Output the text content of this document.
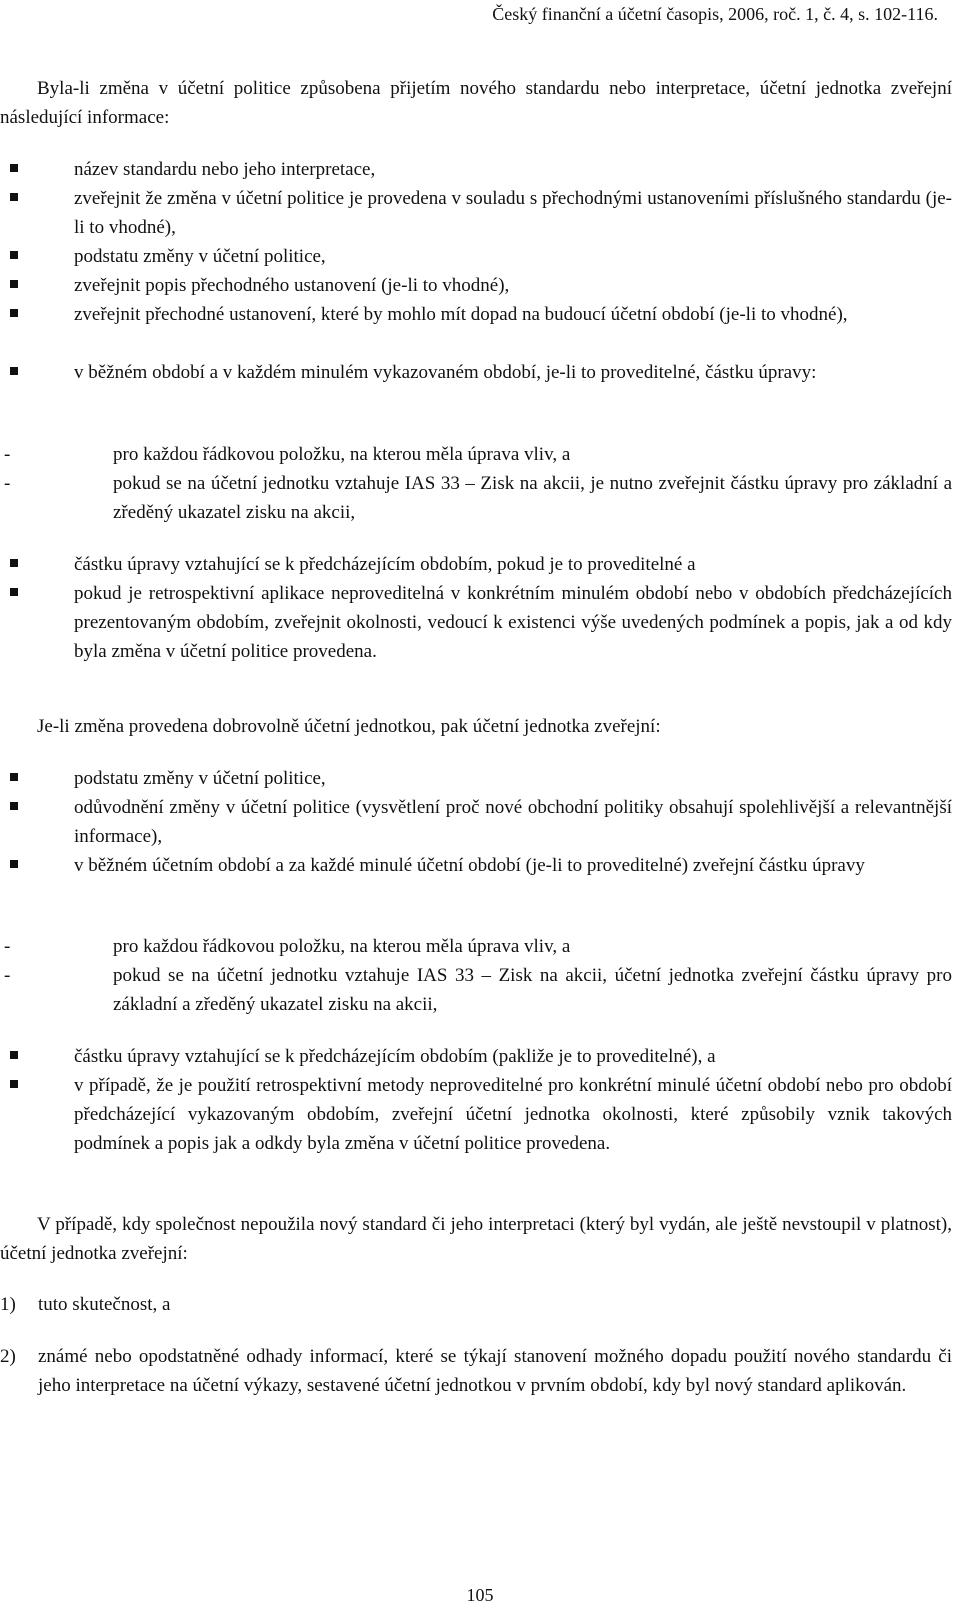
Český finanční a účetní časopis, 2006, roč. 1, č. 4, s. 102-116.

Byla-li změna v účetní politice způsobena přijetím nového standardu nebo interpretace, účetní jednotka zveřejní následující informace:

název standardu nebo jeho interpretace,
zveřejnit že změna v účetní politice je provedena v souladu s přechodnými ustanoveními příslušného standardu (je-li to vhodné),
podstatu změny v účetní politice,
zveřejnit popis přechodného ustanovení (je-li to vhodné),
zveřejnit přechodné ustanovení, které by mohlo mít dopad na budoucí účetní období (je-li to vhodné),
v běžném období a v každém minulém vykazovaném období, je-li to proveditelné, částku úpravy:
-	pro každou řádkovou položku, na kterou měla úprava vliv, a
-	pokud se na účetní jednotku vztahuje IAS 33 – Zisk na akcii, je nutno zveřejnit částku úpravy pro základní a zředěný ukazatel zisku na akcii,
částku úpravy vztahující se k předcházejícím obdobím, pokud je to proveditelné a
pokud je retrospektivní aplikace neproveditelná v konkrétním minulém období nebo v obdobích předcházejících prezentovaným obdobím, zveřejnit okolnosti, vedoucí k existenci výše uvedených podmínek a popis, jak a od kdy byla změna v účetní politice provedena.

Je-li změna provedena dobrovolně účetní jednotkou, pak účetní jednotka zveřejní:

podstatu změny v účetní politice,
odůvodnění změny v účetní politice (vysvětlení proč nové obchodní politiky obsahují spolehlivější a relevantnější informace),
v běžném účetním období a za každé minulé účetní období (je-li to proveditelné) zveřejní částku úpravy
-	pro každou řádkovou položku, na kterou měla úprava vliv, a
-	pokud se na účetní jednotku vztahuje IAS 33 – Zisk na akcii, účetní jednotka zveřejní částku úpravy pro základní a zředěný ukazatel zisku na akcii,
částku úpravy vztahující se k předcházejícím obdobím (pakliže je to proveditelné), a
v případě, že je použití retrospektivní metody neproveditelné pro konkrétní minulé účetní období nebo pro období předcházející vykazovaným obdobím, zveřejní účetní jednotka okolnosti, které způsobily vznik takových podmínek a popis jak a odkdy byla změna v účetní politice provedena.

V případě, kdy společnost nepoužila nový standard či jeho interpretaci (který byl vydán, ale ještě nevstoupil v platnost), účetní jednotka zveřejní:

1)	tuto skutečnost, a
2)	známé nebo opodstatněné odhady informací, které se týkají stanovení možného dopadu použití nového standardu či jeho interpretace na účetní výkazy, sestavené účetní jednotkou v prvním období, kdy byl nový standard aplikován.
105
